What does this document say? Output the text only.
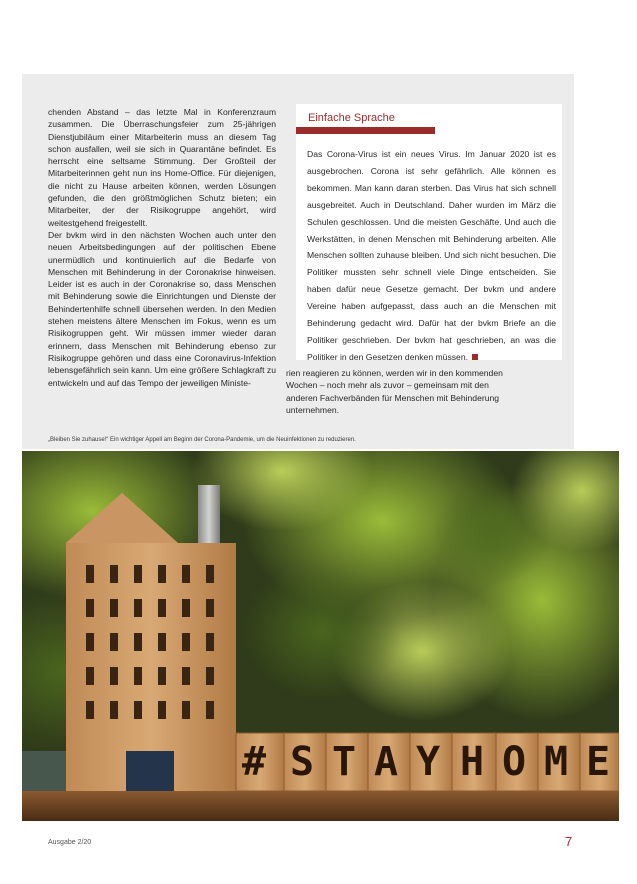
chenden Abstand – das letzte Mal in Konferenzraum zusammen. Die Überraschungsfeier zum 25-jährigen Dienstjubiläum einer Mitarbeiterin muss an diesem Tag schon ausfallen, weil sie sich in Quarantäne befindet. Es herrscht eine seltsame Stimmung. Der Großteil der Mitarbeiterinnen geht nun ins Home-Office. Für diejenigen, die nicht zu Hause arbeiten können, werden Lösungen gefunden, die den größtmöglichen Schutz bieten; ein Mitarbeiter, der der Risikogruppe angehört, wird weitestgehend freigestellt.

Der bvkm wird in den nächsten Wochen auch unter den neuen Arbeitsbedingungen auf der politischen Ebene unermüdlich und kontinuierlich auf die Bedarfe von Menschen mit Behinderung in der Coronakrise hinweisen. Leider ist es auch in der Coronakrise so, dass Menschen mit Behinderung sowie die Einrichtungen und Dienste der Behindertenhilfe schnell übersehen werden. In den Medien stehen meistens ältere Menschen im Fokus, wenn es um Risikogruppen geht. Wir müssen immer wieder daran erinnern, dass Menschen mit Behinderung ebenso zur Risikogruppe gehören und dass eine Coronavirus-Infektion lebensgefährlich sein kann. Um eine größere Schlagkraft zu entwickeln und auf das Tempo der jeweiligen Ministe-

Einfache Sprache
Das Corona-Virus ist ein neues Virus. Im Januar 2020 ist es ausgebrochen. Corona ist sehr gefährlich. Alle können es bekommen. Man kann daran sterben. Das Virus hat sich schnell ausgebreitet. Auch in Deutschland. Daher wurden im März die Schulen geschlossen. Und die meisten Geschäfte. Und auch die Werkstätten, in denen Menschen mit Behinderung arbeiten. Alle Menschen sollten zuhause bleiben. Und sich nicht besuchen. Die Politiker mussten sehr schnell viele Dinge entscheiden. Sie haben dafür neue Gesetze gemacht. Der bvkm und andere Vereine haben aufgepasst, dass auch an die Menschen mit Behinderung gedacht wird. Dafür hat der bvkm Briefe an die Politiker geschrieben. Der bvkm hat geschrieben, an was die Politiker in den Gesetzen denken müssen.

rien reagieren zu können, werden wir in den kommenden Wochen – noch mehr als zuvor – gemeinsam mit den anderen Fachverbänden für Menschen mit Behinderung unternehmen.

„Bleiben Sie zuhause!“ Ein wichtiger Appell am Beginn der Corona-Pandemie, um die Neuinfektionen zu reduzieren.
# S T A Y H O M E
Ausgabe 2/20	7
